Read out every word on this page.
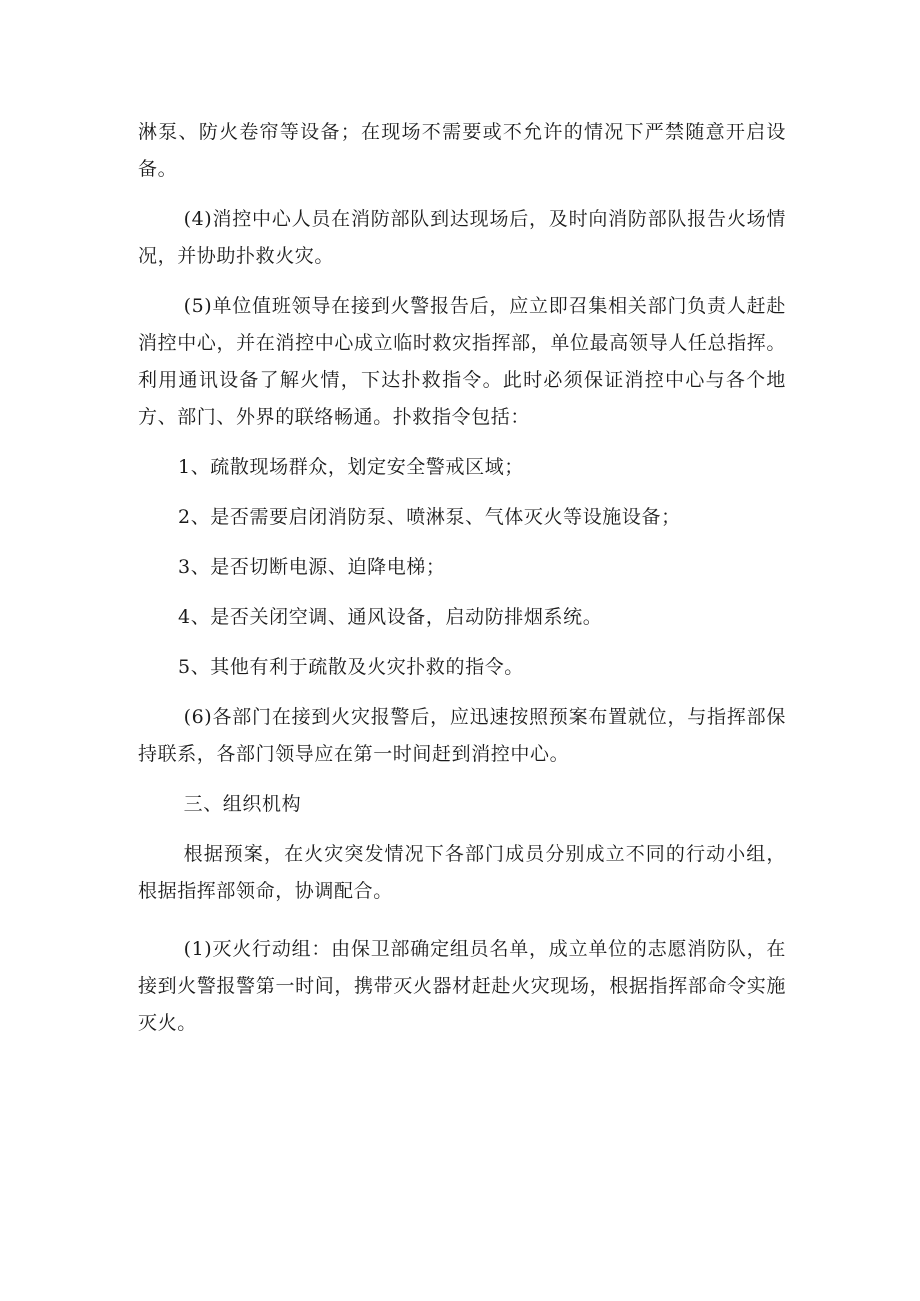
淋泵、防火卷帘等设备；在现场不需要或不允许的情况下严禁随意开启设备。

(4)消控中心人员在消防部队到达现场后，及时向消防部队报告火场情况，并协助扑救火灾。

(5)单位值班领导在接到火警报告后，应立即召集相关部门负责人赶赴消控中心，并在消控中心成立临时救灾指挥部，单位最高领导人任总指挥。利用通讯设备了解火情，下达扑救指令。此时必须保证消控中心与各个地方、部门、外界的联络畅通。扑救指令包括：

1、疏散现场群众，划定安全警戒区域；

2、是否需要启闭消防泵、喷淋泵、气体灭火等设施设备；

3、是否切断电源、迫降电梯；

4、是否关闭空调、通风设备，启动防排烟系统。

5、其他有利于疏散及火灾扑救的指令。

(6)各部门在接到火灾报警后，应迅速按照预案布置就位，与指挥部保持联系，各部门领导应在第一时间赶到消控中心。

三、组织机构

根据预案，在火灾突发情况下各部门成员分别成立不同的行动小组，根据指挥部领命，协调配合。

(1)灭火行动组：由保卫部确定组员名单，成立单位的志愿消防队，在接到火警报警第一时间，携带灭火器材赶赴火灾现场，根据指挥部命令实施灭火。
